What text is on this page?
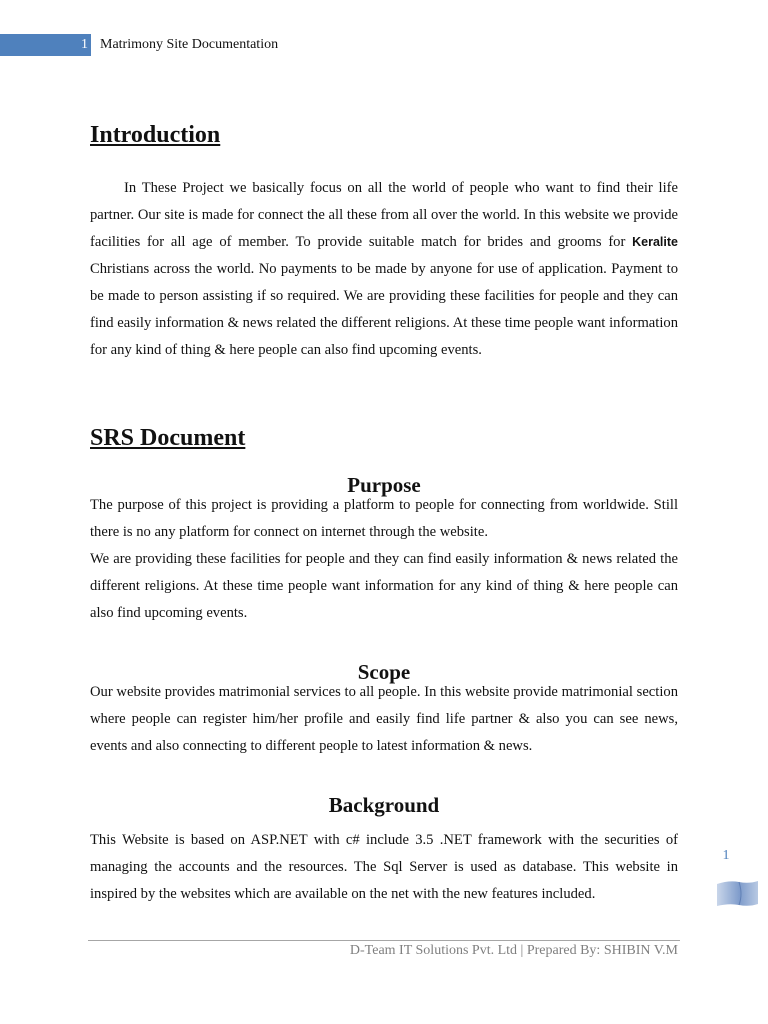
1 Matrimony Site Documentation
Introduction

In These Project we basically focus on all the world of people who want to find their life partner. Our site is made for connect the all these from all over the world. In this website we provide facilities for all age of member. To provide suitable match for brides and grooms for Keralite Christians across the world. No payments to be made by anyone for use of application. Payment to be made to person assisting if so required. We are providing these facilities for people and they can find easily information & news related the different religions. At these time people want information for any kind of thing & here people can also find upcoming events.

SRS Document
Purpose

The purpose of this project is providing a platform to people for connecting from worldwide. Still there is no any platform for connect on internet through the website.

We are providing these facilities for people and they can find easily information & news related the different religions. At these time people want information for any kind of thing & here people can also find upcoming events.

Scope

Our website provides matrimonial services to all people. In this website provide matrimonial section where people can register him/her profile and easily find life partner & also you can see news, events and also connecting to different people to latest information & news.

Background

This Website is based on ASP.NET with c# include 3.5 .NET framework with the securities of managing the accounts and the resources. The Sql Server is used as database. This website in inspired by the websites which are available on the net with the new features included.

1
D-Team IT Solutions Pvt. Ltd | Prepared By: SHIBIN V.M
